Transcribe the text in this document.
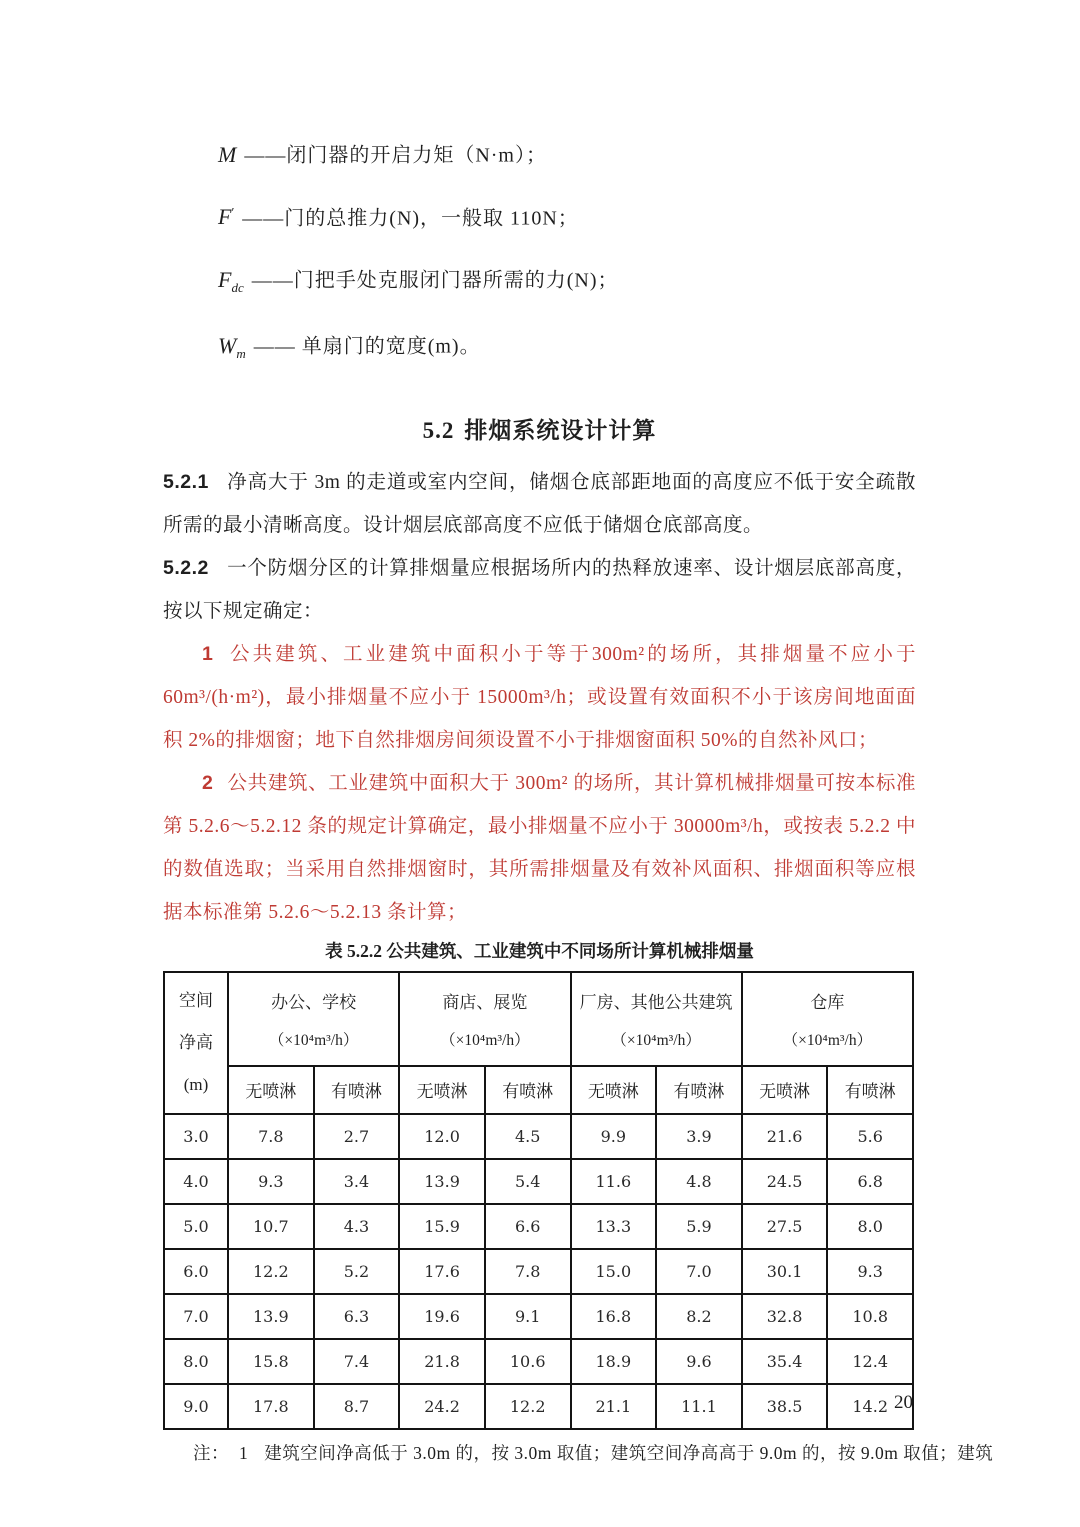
M ——闭门器的开启力矩（N·m）；
F′ ——门的总推力(N)，一般取 110N；
$F_{dc}$ ——门把手处克服闭门器所需的力(N)；
$W_m$ —— 单扇门的宽度(m)。
5.2 排烟系统设计计算

5.2.1 净高大于 3m 的走道或室内空间，储烟仓底部距地面的高度应不低于安全疏散所需的最小清晰高度。设计烟层底部高度不应低于储烟仓底部高度。

5.2.2 一个防烟分区的计算排烟量应根据场所内的热释放速率、设计烟层底部高度，按以下规定确定：

1 公共建筑、工业建筑中面积小于等于300m²的场所，其排烟量不应小于60m³/(h·m²)，最小排烟量不应小于 15000m³/h；或设置有效面积不小于该房间地面面积 2%的排烟窗；地下自然排烟房间须设置不小于排烟窗面积 50%的自然补风口；

2 公共建筑、工业建筑中面积大于 300m² 的场所，其计算机械排烟量可按本标准第 5.2.6～5.2.12 条的规定计算确定，最小排烟量不应小于 30000m³/h，或按表 5.2.2 中的数值选取；当采用自然排烟窗时，其所需排烟量及有效补风面积、排烟面积等应根据本标准第 5.2.6～5.2.13 条计算；

表 5.2.2 公共建筑、工业建筑中不同场所计算机械排烟量
空间
净高
(m)

办公、学校
（×10⁴m³/h）

商店、展览
（×10⁴m³/h）

厂房、其他公共建筑
（×10⁴m³/h）

仓库
（×10⁴m³/h）

	无喷淋	有喷淋	无喷淋	有喷淋	无喷淋	有喷淋	无喷淋	有喷淋
3.0	7.8	2.7	12.0	4.5	9.9	3.9	21.6	5.6
4.0	9.3	3.4	13.9	5.4	11.6	4.8	24.5	6.8
5.0	10.7	4.3	15.9	6.6	13.3	5.9	27.5	8.0
6.0	12.2	5.2	17.6	7.8	15.0	7.0	30.1	9.3
7.0	13.9	6.3	19.6	9.1	16.8	8.2	32.8	10.8
8.0	15.8	7.4	21.8	10.6	18.9	9.6	35.4	12.4
9.0	17.8	8.7	24.2	12.2	21.1	11.1	38.5	14.2
注： 1 建筑空间净高低于 3.0m 的，按 3.0m 取值；建筑空间净高高于 9.0m 的，按 9.0m 取值；建筑
20
